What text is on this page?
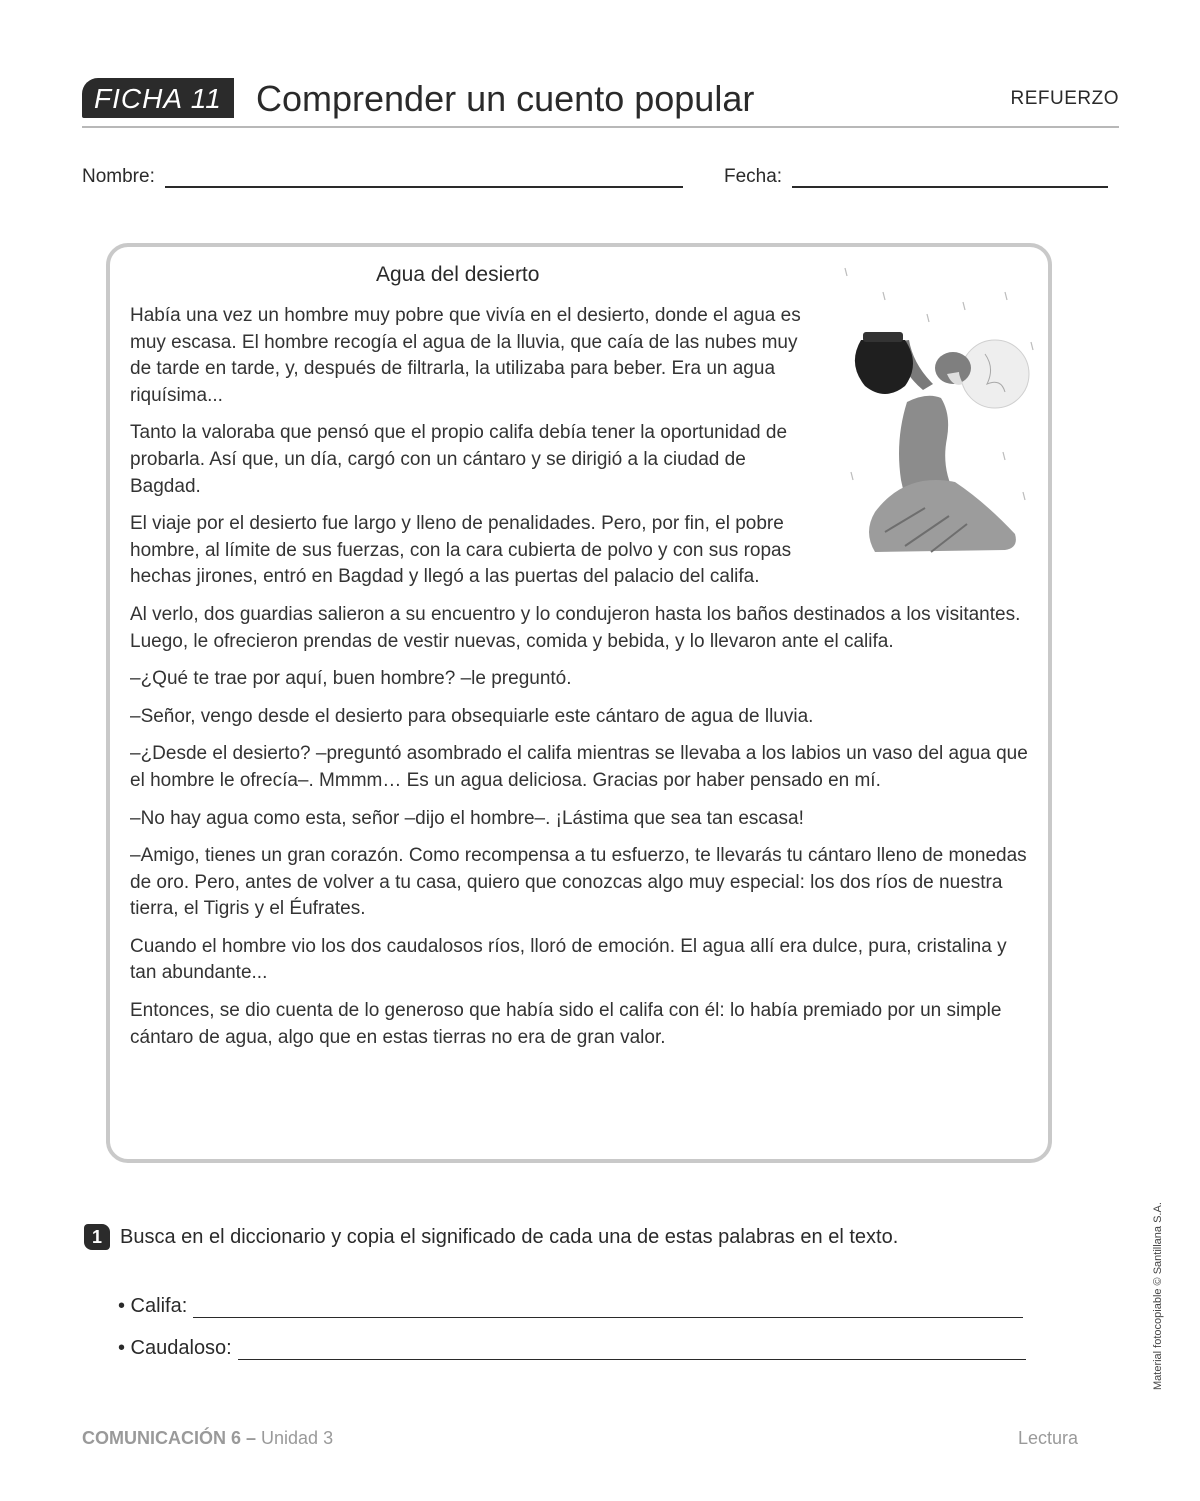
FICHA 11 Comprender un cuento popular	REFUERZO
Nombre:	Fecha:
Agua del desierto

Había una vez un hombre muy pobre que vivía en el desierto, donde el agua es muy escasa. El hombre recogía el agua de la lluvia, que caía de las nubes muy de tarde en tarde, y, después de filtrarla, la utilizaba para beber. Era un agua riquísima...

Tanto la valoraba que pensó que el propio califa debía tener la oportunidad de probarla. Así que, un día, cargó con un cántaro y se dirigió a la ciudad de Bagdad.

El viaje por el desierto fue largo y lleno de penalidades. Pero, por fin, el pobre hombre, al límite de sus fuerzas, con la cara cubierta de polvo y con sus ropas hechas jirones, entró en Bagdad y llegó a las puertas del palacio del califa.

Al verlo, dos guardias salieron a su encuentro y lo condujeron hasta los baños destinados a los visitantes. Luego, le ofrecieron prendas de vestir nuevas, comida y bebida, y lo llevaron ante el califa.

–¿Qué te trae por aquí, buen hombre? –le preguntó.

–Señor, vengo desde el desierto para obsequiarle este cántaro de agua de lluvia.

–¿Desde el desierto? –preguntó asombrado el califa mientras se llevaba a los labios un vaso del agua que el hombre le ofrecía–. Mmmm… Es un agua deliciosa. Gracias por haber pensado en mí.

–No hay agua como esta, señor –dijo el hombre–. ¡Lástima que sea tan escasa!

–Amigo, tienes un gran corazón. Como recompensa a tu esfuerzo, te llevarás tu cántaro lleno de monedas de oro. Pero, antes de volver a tu casa, quiero que conozcas algo muy especial: los dos ríos de nuestra tierra, el Tigris y el Éufrates.

Cuando el hombre vio los dos caudalosos ríos, lloró de emoción. El agua allí era dulce, pura, cristalina y tan abundante...

Entonces, se dio cuenta de lo generoso que había sido el califa con él: lo había premiado por un simple cántaro de agua, algo que en estas tierras no era de gran valor.

1 Busca en el diccionario y copia el significado de cada una de estas palabras en el texto.
• Califa:
• Caudaloso:	Material fotocopiable © Santillana S.A.
COMUNICACIÓN 6 – Unidad 3	Lectura
